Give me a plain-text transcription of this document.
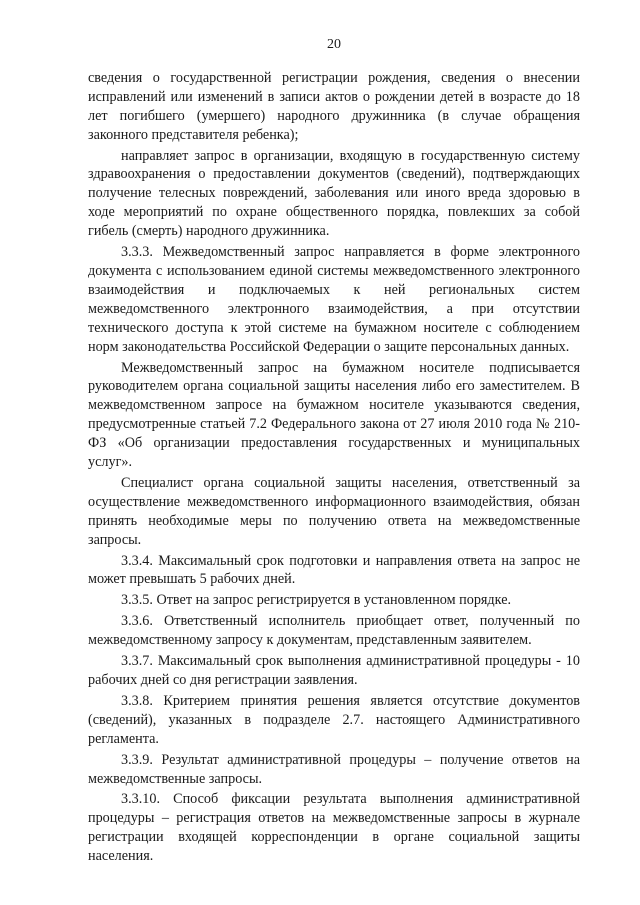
20

сведения о государственной регистрации рождения, сведения о внесении исправлений или изменений в записи актов о рождении детей в возрасте до 18 лет погибшего (умершего) народного дружинника (в случае обращения законного представителя ребенка);

направляет запрос в организации, входящую в государственную систему здравоохранения о предоставлении документов (сведений), подтверждающих получение телесных повреждений, заболевания или иного вреда здоровью в ходе мероприятий по охране общественного порядка, повлекших за собой гибель (смерть) народного дружинника.

3.3.3. Межведомственный запрос направляется в форме электронного документа с использованием единой системы межведомственного электронного взаимодействия и подключаемых к ней региональных систем межведомственного электронного взаимодействия, а при отсутствии технического доступа к этой системе на бумажном носителе с соблюдением норм законодательства Российской Федерации о защите персональных данных.

Межведомственный запрос на бумажном носителе подписывается руководителем органа социальной защиты населения либо его заместителем. В межведомственном запросе на бумажном носителе указываются сведения, предусмотренные статьей 7.2 Федерального закона от 27 июля 2010 года № 210-ФЗ «Об организации предоставления государственных и муниципальных услуг».

Специалист органа социальной защиты населения, ответственный за осуществление межведомственного информационного взаимодействия, обязан принять необходимые меры по получению ответа на межведомственные запросы.

3.3.4. Максимальный срок подготовки и направления ответа на запрос не может превышать 5 рабочих дней.

3.3.5. Ответ на запрос регистрируется в установленном порядке.

3.3.6. Ответственный исполнитель приобщает ответ, полученный по межведомственному запросу к документам, представленным заявителем.

3.3.7. Максимальный срок выполнения административной процедуры - 10 рабочих дней со дня регистрации заявления.

3.3.8. Критерием принятия решения является отсутствие документов (сведений), указанных в подразделе 2.7. настоящего Административного регламента.

3.3.9. Результат административной процедуры – получение ответов на межведомственные запросы.

3.3.10. Способ фиксации результата выполнения административной процедуры – регистрация ответов на межведомственные запросы в журнале регистрации входящей корреспонденции в органе социальной защиты населения.
